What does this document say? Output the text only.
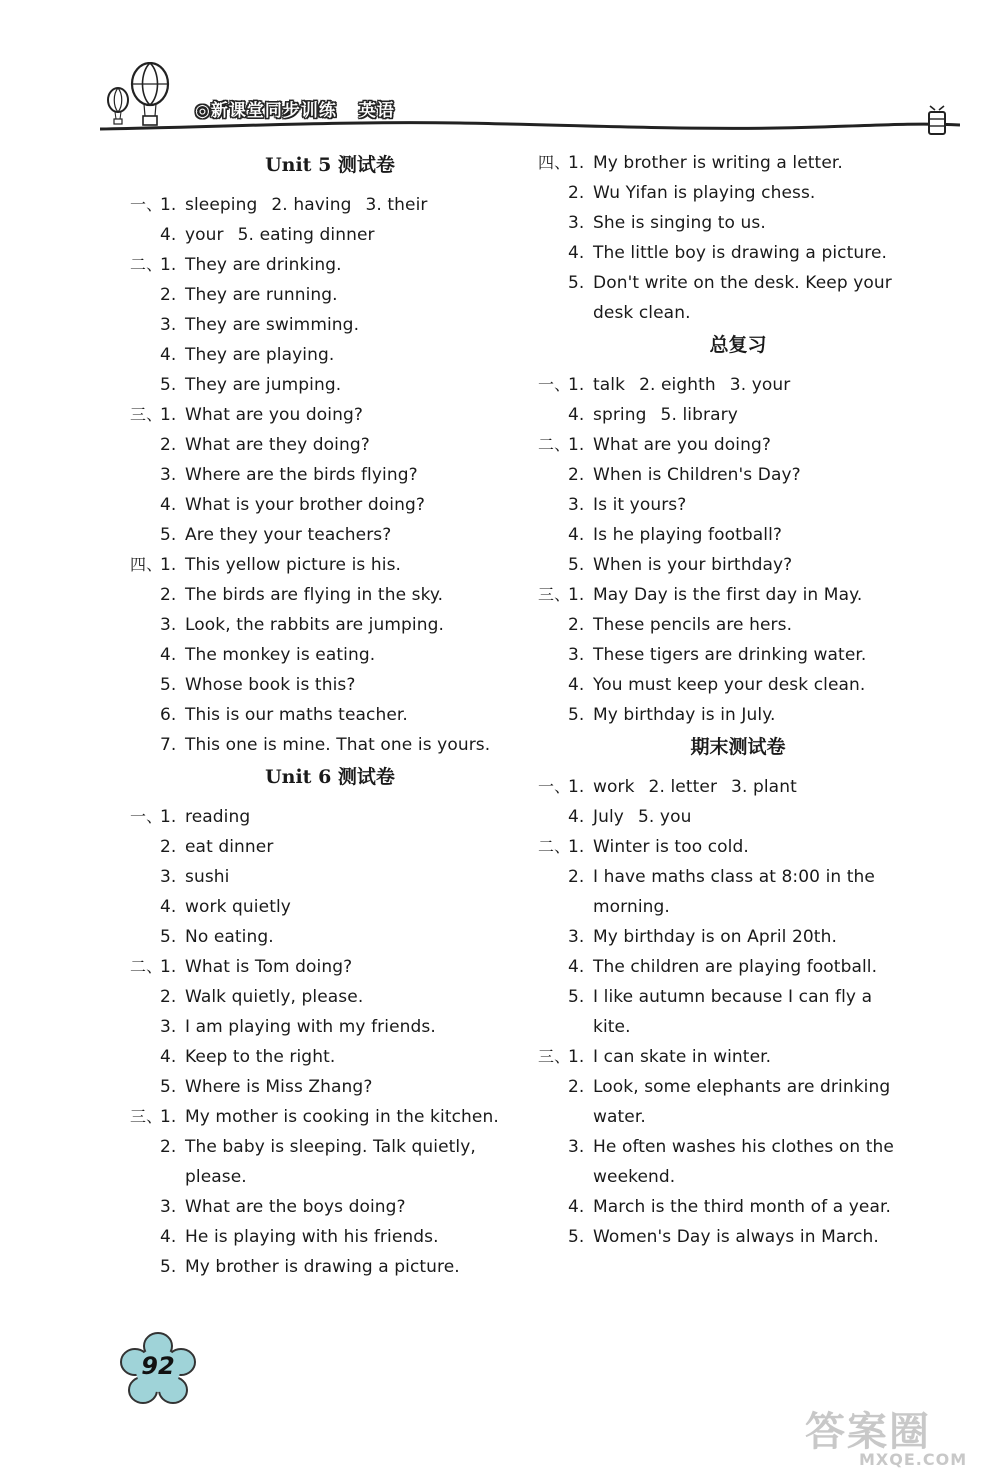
◎新课堂同步训练 英语
Unit 5 测试卷
一、
1. sleeping 2. having 3. their
4. your 5. eating dinner
二、
1. They are drinking.
2. They are running.
3. They are swimming.
4. They are playing.
5. They are jumping.
三、
1. What are you doing?
2. What are they doing?
3. Where are the birds flying?
4. What is your brother doing?
5. Are they your teachers?
四、
1. This yellow picture is his.
2. The birds are flying in the sky.
3. Look, the rabbits are jumping.
4. The monkey is eating.
5. Whose book is this?
6. This is our maths teacher.
7. This one is mine. That one is yours.
Unit 6 测试卷
一、
1. reading
2. eat dinner
3. sushi
4. work quietly
5. No eating.
二、
1. What is Tom doing?
2. Walk quietly, please.
3. I am playing with my friends.
4. Keep to the right.
5. Where is Miss Zhang?
三、
1. My mother is cooking in the kitchen.
2. The baby is sleeping. Talk quietly,
please.
3. What are the boys doing?
4. He is playing with his friends.
5. My brother is drawing a picture.
四、
1. My brother is writing a letter.
2. Wu Yifan is playing chess.
3. She is singing to us.
4. The little boy is drawing a picture.
5. Don't write on the desk. Keep your
desk clean.
总复习
一、
1. talk 2. eighth 3. your
4. spring 5. library
二、
1. What are you doing?
2. When is Children's Day?
3. Is it yours?
4. Is he playing football?
5. When is your birthday?
三、
1. May Day is the first day in May.
2. These pencils are hers.
3. These tigers are drinking water.
4. You must keep your desk clean.
5. My birthday is in July.
期末测试卷
一、
1. work 2. letter 3. plant
4. July 5. you
二、
1. Winter is too cold.
2. I have maths class at 8:00 in the
morning.
3. My birthday is on April 20th.
4. The children are playing football.
5. I like autumn because I can fly a
kite.
三、
1. I can skate in winter.
2. Look, some elephants are drinking
water.
3. He often washes his clothes on the
weekend.
4. March is the third month of a year.
5. Women's Day is always in March.
92
答案圈
MXQE.COM
